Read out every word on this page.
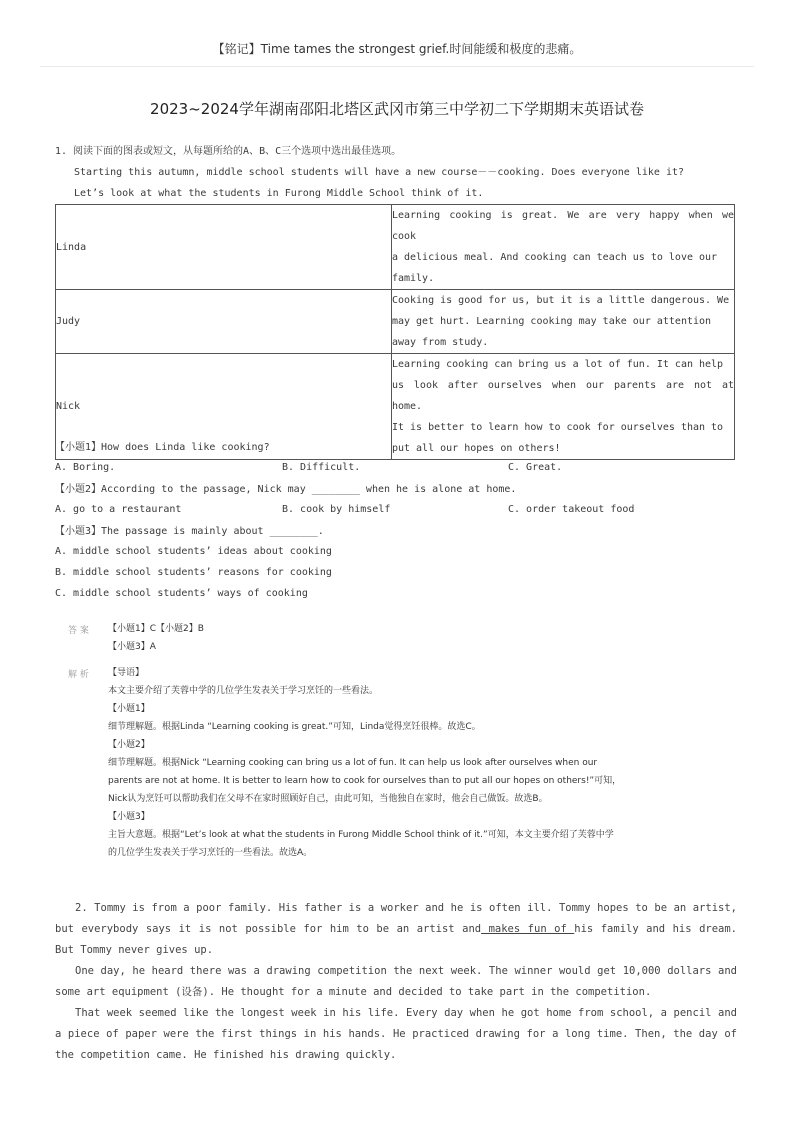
【铭记】Time tames the strongest grief.时间能缓和极度的悲痛。
2023~2024学年湖南邵阳北塔区武冈市第三中学初二下学期期末英语试卷
1. 阅读下面的图表或短文，从每题所给的A、B、C三个选项中选出最佳选项。
Starting this autumn, middle school students will have a new course－－cooking. Does everyone like it?
Let’s look at what the students in Furong Middle School think of it.
Linda	Learning cooking is great. We are very happy when we cook
a delicious meal. And cooking can teach us to love our
family.

Judy	Cooking is good for us, but it is a little dangerous. We
may get hurt. Learning cooking may take our attention
away from study.

Nick	Learning cooking can bring us a lot of fun. It can help
us look after ourselves when our parents are not at home.
It is better to learn how to cook for ourselves than to
put all our hopes on others!
【小题1】How does Linda like cooking?
A. Boring.	B. Difficult.	C. Great.
【小题2】According to the passage, Nick may ________ when he is alone at home.
A. go to a restaurant	B. cook by himself	C. order takeout food
【小题3】The passage is mainly about ________.
A. middle school students’ ideas about cooking
B. middle school students’ reasons for cooking
C. middle school students’ ways of cooking
答 案 【小题1】C【小题2】B
【小题3】A
解 析 【导语】
本文主要介绍了芙蓉中学的几位学生发表关于学习烹饪的一些看法。
【小题1】
细节理解题。根据Linda “Learning cooking is great.”可知，Linda觉得烹饪很棒。故选C。
【小题2】
细节理解题。根据Nick “Learning cooking can bring us a lot of fun. It can help us look after ourselves when our
parents are not at home. It is better to learn how to cook for ourselves than to put all our hopes on others!”可知，
Nick认为烹饪可以帮助我们在父母不在家时照顾好自己，由此可知，当他独自在家时，他会自己做饭。故选B。
【小题3】
主旨大意题。根据“Let’s look at what the students in Furong Middle School think of it.”可知，本文主要介绍了芙蓉中学
的几位学生发表关于学习烹饪的一些看法。故选A。
2. Tommy is from a poor family. His father is a worker and he is often ill. Tommy hopes to be an artist, but everybody says it is not possible for him to be an artist and makes fun of his family and his dream. But Tommy never gives up.
One day, he heard there was a drawing competition the next week. The winner would get 10,000 dollars and some art equipment (设备). He thought for a minute and decided to take part in the competition.
That week seemed like the longest week in his life. Every day when he got home from school, a pencil and a piece of paper were the first things in his hands. He practiced drawing for a long time. Then, the day of the competition came. He finished his drawing quickly.
